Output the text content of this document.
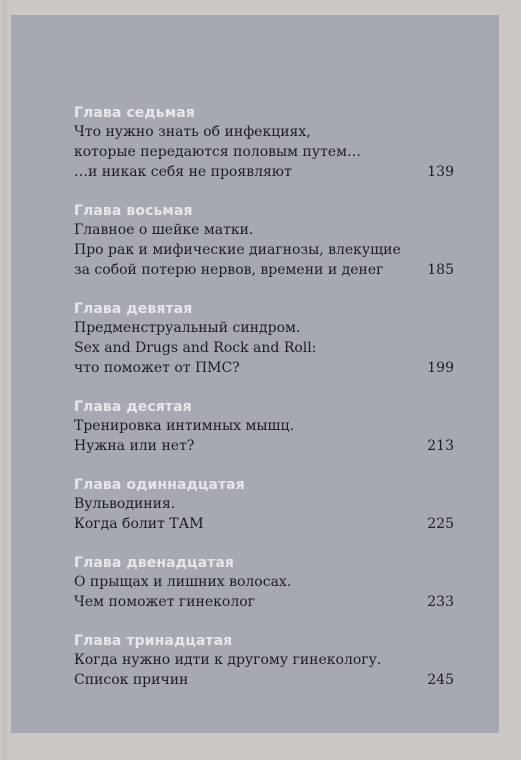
Глава седьмая
Что нужно знать об инфекциях,
которые передаются половым путем…
…и никак себя не проявляют	139
Глава восьмая
Главное о шейке матки.
Про рак и мифические диагнозы, влекущие
за собой потерю нервов, времени и денег	185
Глава девятая
Предменструальный синдром.
Sex and Drugs and Rock and Roll:
что поможет от ПМС?	199
Глава десятая
Тренировка интимных мышц.
Нужна или нет?	213
Глава одиннадцатая
Вульводиния.
Когда болит ТАМ	225
Глава двенадцатая
О прыщах и лишних волосах.
Чем поможет гинеколог	233
Глава тринадцатая
Когда нужно идти к другому гинекологу.
Список причин	245
